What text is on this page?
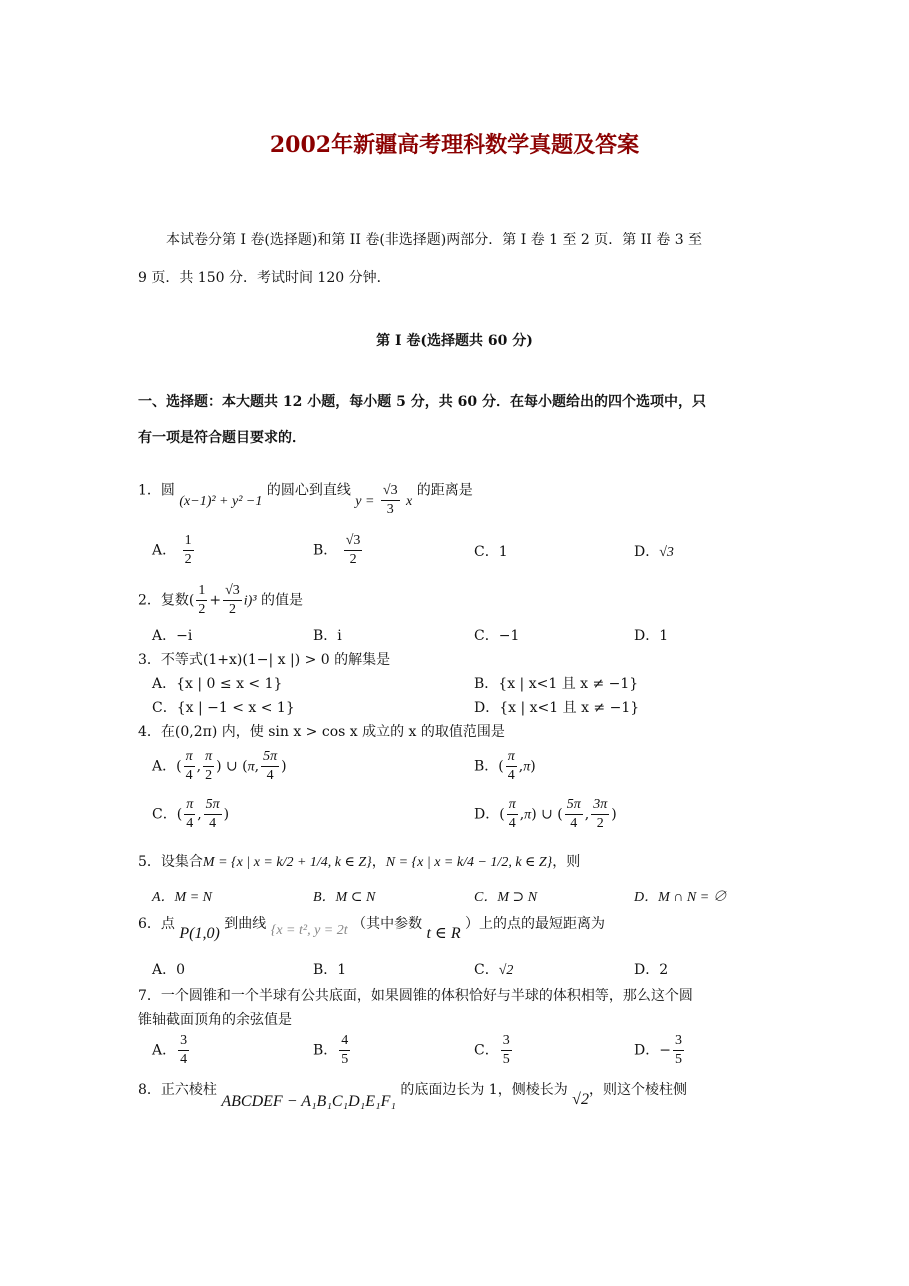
2002年新疆高考理科数学真题及答案
本试卷分第 I 卷(选择题)和第 II 卷(非选择题)两部分．第 I 卷 1 至 2 页．第 II 卷 3 至
9 页．共 150 分．考试时间 120 分钟．
第 I 卷(选择题共 60 分)
一、选择题：本大题共 12 小题，每小题 5 分，共 60 分．在每小题给出的四个选项中，只
有一项是符合题目要求的．
1．圆 (x−1)² + y² −1 的圆心到直线 $y = \frac{√3}{3}$ x 的距离是
A． $\frac{1}{2}$	B． $\frac{√3}{2}$	C．1	D．√3
2．复数( $\frac{1}{2} + \frac{√3}{2} i)^3$ 的值是
A．−i	B．i	C．−1	D．1
3．不等式(1+x)(1−| x |) > 0 的解集是
A．{x | 0 ≤ x < 1}	B．{x | x<1 且 x ≠ −1}
C．{x | −1 < x < 1}	D．{x | x<1 且 x ≠ −1}
4．在(0,2π) 内，使 sin x > cos x 成立的 x 的取值范围是
A．( $\frac{\pi}{4}$ , $\frac{\pi}{2}$ ) ∪ (π, $\frac{5\pi}{4}$ )	B．( $\frac{\pi}{4} ,\pi$)
C．( $\frac{\pi}{4}$ , $\frac{5\pi}{4}$ )	D．( $\frac{\pi}{4} ,\pi$) ∪ ( $\frac{5\pi}{4}$ , $\frac{3\pi}{2}$ )
5．设集合M = {x | x = k/2 + 1/4, k ∈ Z}，N = {x | x = k/4 − 1/2, k ∈ Z}，则
A．M = N	B．M ⊂ N	C．M ⊃ N	D．M ∩ N = ∅
6．点 P(1,0) 到曲线 {x = t², y = 2t （其中参数 t ∈ R ）上的点的最短距离为
A．0	B．1	C．√2	D．2
7．一个圆锥和一个半球有公共底面，如果圆锥的体积恰好与半球的体积相等，那么这个圆
锥轴截面顶角的余弦值是
A． $\frac{3}{4}$	B． $\frac{4}{5}$	C． $\frac{3}{5}$	D．− $\frac{3}{5}$
8．正六棱柱 ABCDEF − A₁B₁C₁D₁E₁F₁ 的底面边长为 1，侧棱长为 √2，则这个棱柱侧
